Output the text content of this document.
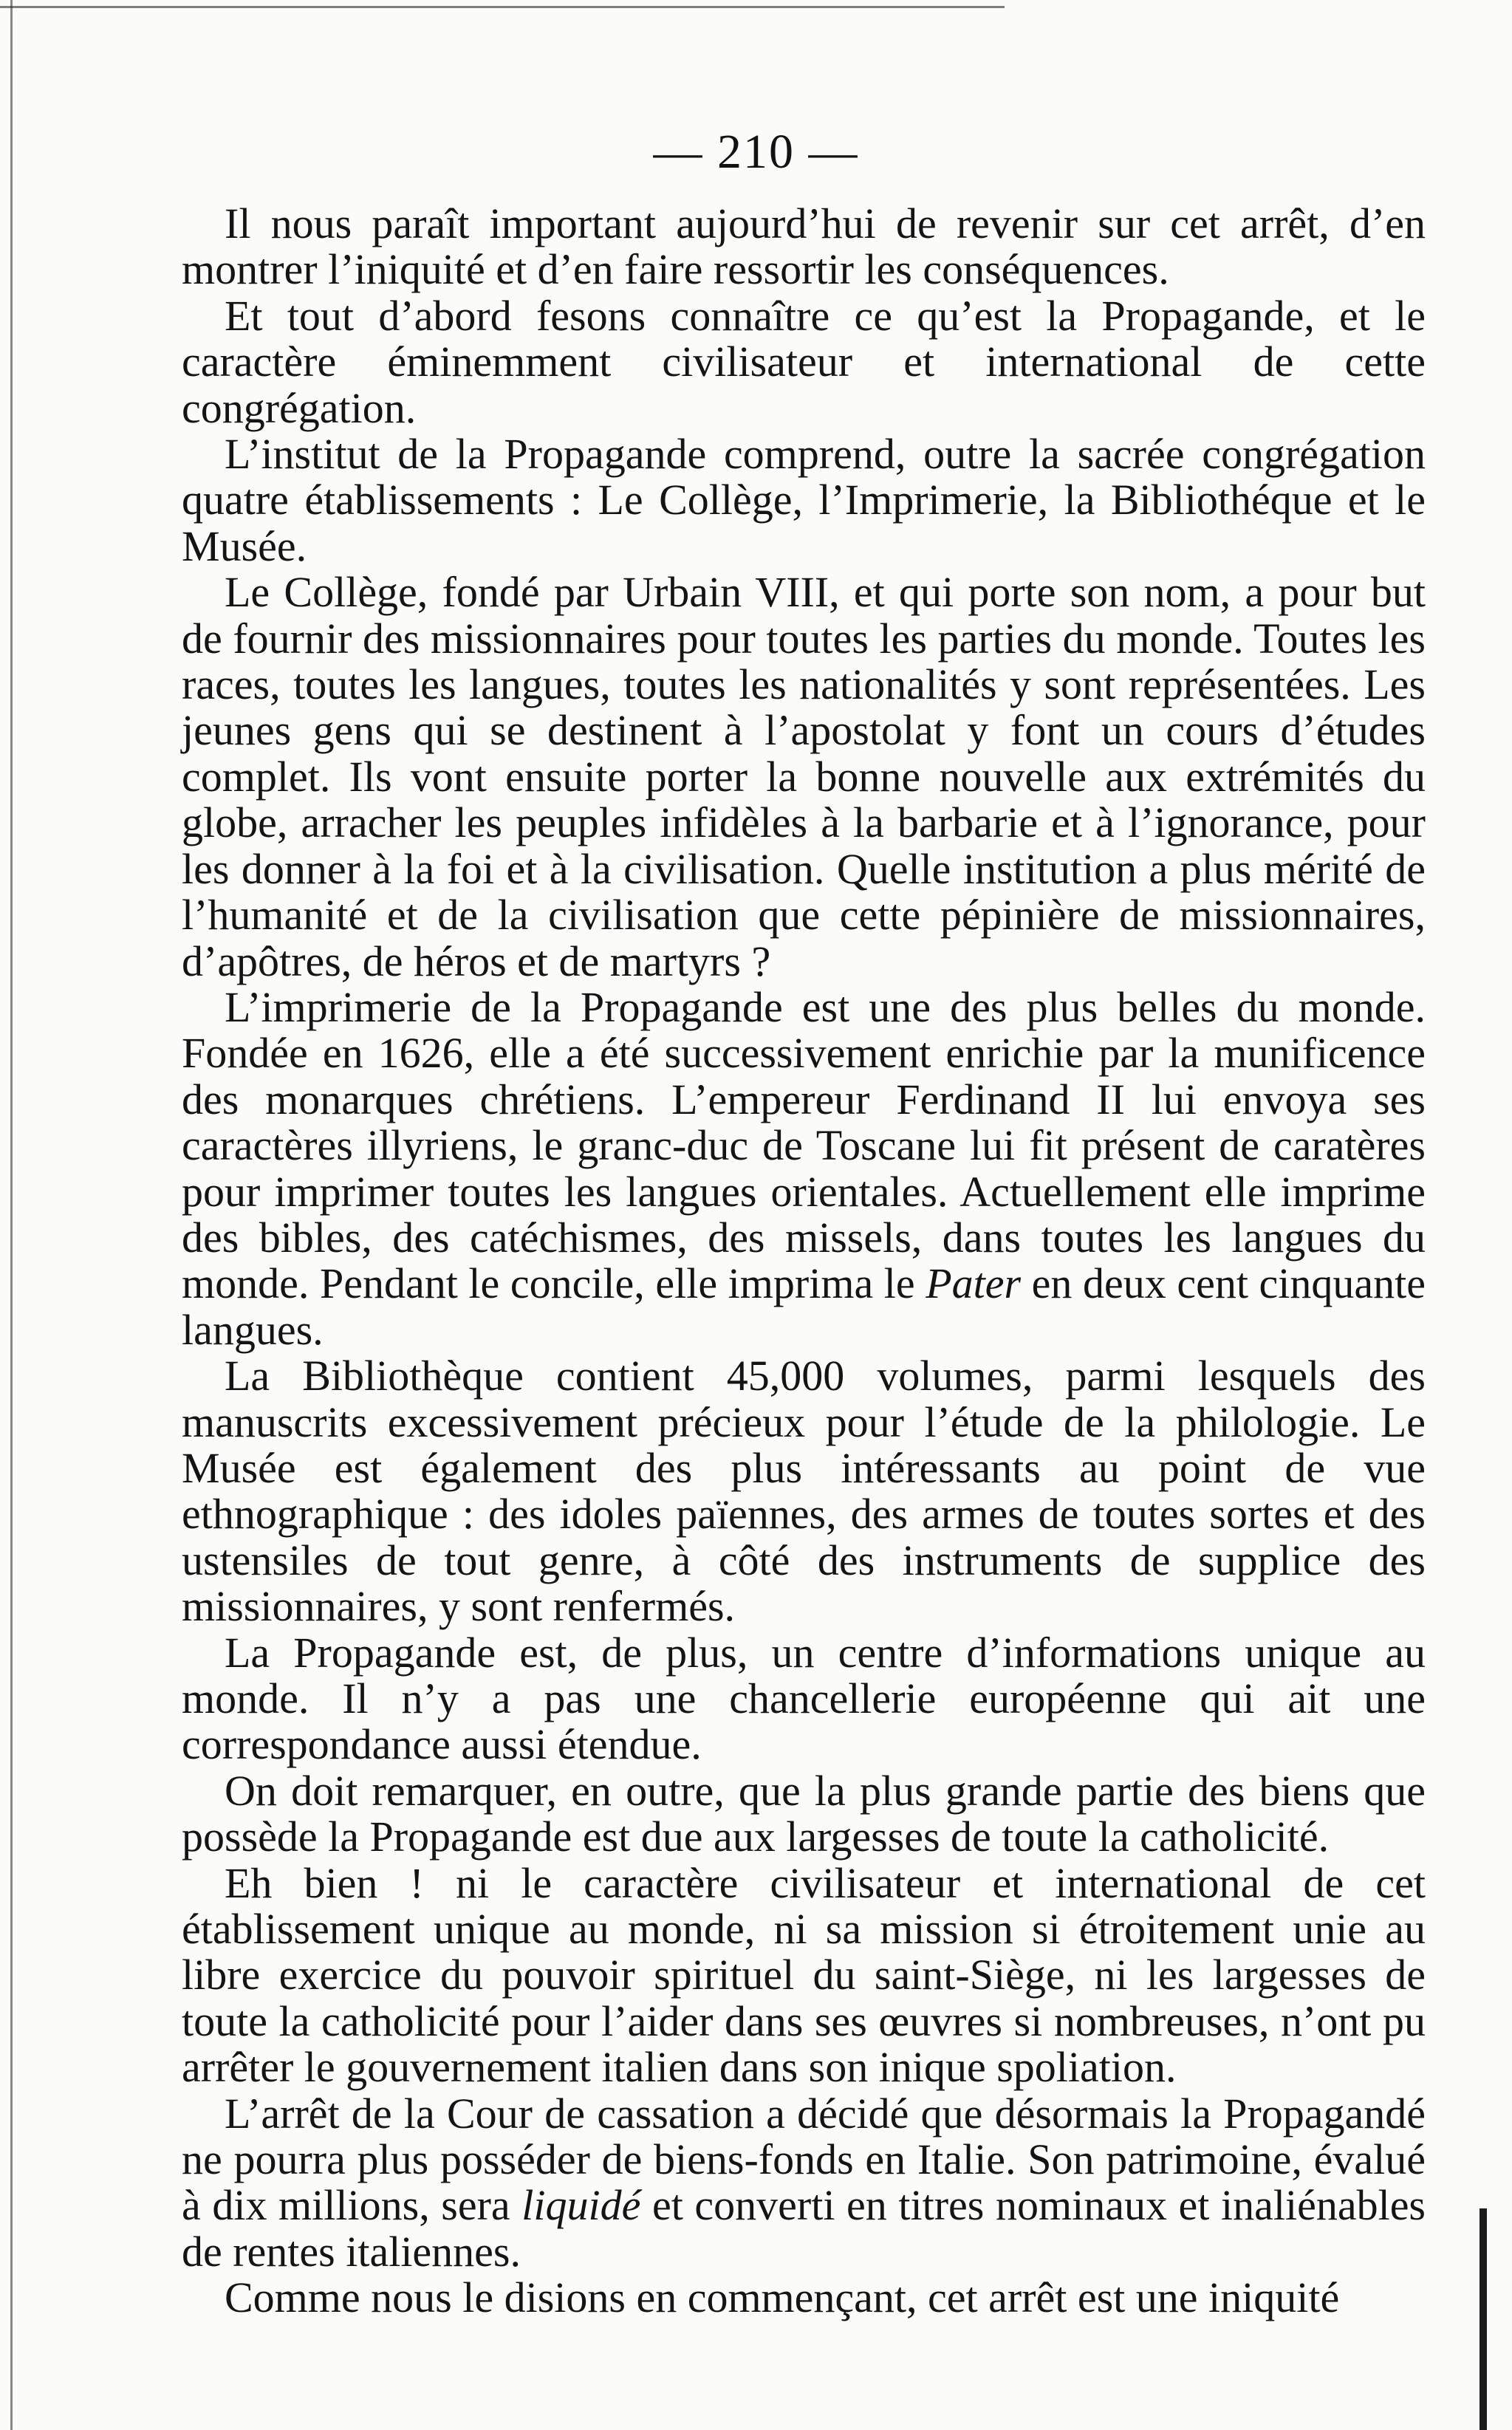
— 210 —

Il nous paraît important aujourd’hui de revenir sur cet arrêt, d’en montrer l’iniquité et d’en faire ressortir les conséquences.

Et tout d’abord fesons connaître ce qu’est la Propagande, et le caractère éminemment civilisateur et international de cette congrégation.

L’institut de la Propagande comprend, outre la sacrée congrégation quatre établissements : Le Collège, l’Imprimerie, la Bibliothéque et le Musée.

Le Collège, fondé par Urbain VIII, et qui porte son nom, a pour but de fournir des missionnaires pour toutes les parties du monde. Toutes les races, toutes les langues, toutes les nationalités y sont représentées. Les jeunes gens qui se destinent à l’apostolat y font un cours d’études complet. Ils vont ensuite porter la bonne nouvelle aux extrémités du globe, arracher les peuples infidèles à la barbarie et à l’ignorance, pour les donner à la foi et à la civilisation. Quelle institution a plus mérité de l’humanité et de la civilisation que cette pépinière de missionnaires, d’apôtres, de héros et de martyrs ?

L’imprimerie de la Propagande est une des plus belles du monde. Fondée en 1626, elle a été successivement enrichie par la munificence des monarques chrétiens. L’empereur Ferdinand II lui envoya ses caractères illyriens, le granc-duc de Toscane lui fit présent de caratères pour imprimer toutes les langues orientales. Actuellement elle imprime des bibles, des catéchismes, des missels, dans toutes les langues du monde. Pendant le concile, elle imprima le Pater en deux cent cinquante langues.

La Bibliothèque contient 45,000 volumes, parmi lesquels des manuscrits excessivement précieux pour l’étude de la philologie. Le Musée est également des plus intéressants au point de vue ethnographique : des idoles païennes, des armes de toutes sortes et des ustensiles de tout genre, à côté des instruments de supplice des missionnaires, y sont renfermés.

La Propagande est, de plus, un centre d’informations unique au monde. Il n’y a pas une chancellerie européenne qui ait une correspondance aussi étendue.

On doit remarquer, en outre, que la plus grande partie des biens que possède la Propagande est due aux largesses de toute la catholicité.

Eh bien ! ni le caractère civilisateur et international de cet établissement unique au monde, ni sa mission si étroitement unie au libre exercice du pouvoir spirituel du saint-Siège, ni les largesses de toute la catholicité pour l’aider dans ses œuvres si nombreuses, n’ont pu arrêter le gouvernement italien dans son inique spoliation.

L’arrêt de la Cour de cassation a décidé que désormais la Propagandé ne pourra plus posséder de biens-fonds en Italie. Son patrimoine, évalué à dix millions, sera liquidé et converti en titres nominaux et inaliénables de rentes italiennes.

Comme nous le disions en commençant, cet arrêt est une iniquité
